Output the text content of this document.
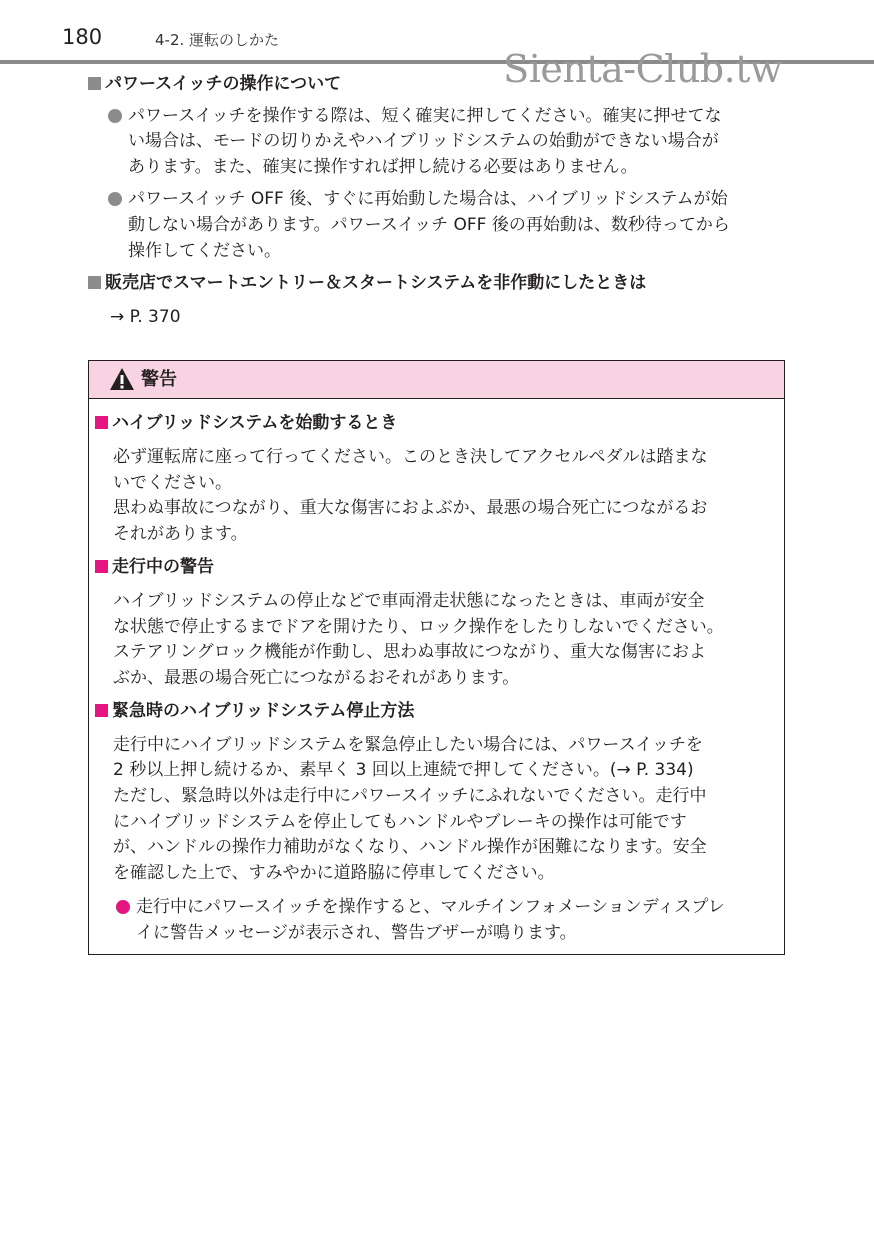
180	4-2. 運転のしかた
Sienta-Club.tw
パワースイッチの操作について
パワースイッチを操作する際は、短く確実に押してください。確実に押せてな
い場合は、モードの切りかえやハイブリッドシステムの始動ができない場合が
あります。また、確実に操作すれば押し続ける必要はありません。
パワースイッチ OFF 後、すぐに再始動した場合は、ハイブリッドシステムが始
動しない場合があります。パワースイッチ OFF 後の再始動は、数秒待ってから
操作してください。
販売店でスマートエントリー＆スタートシステムを非作動にしたときは
→ P. 370
警告
ハイブリッドシステムを始動するとき
必ず運転席に座って行ってください。このとき決してアクセルペダルは踏まな
いでください。
思わぬ事故につながり、重大な傷害におよぶか、最悪の場合死亡につながるお
それがあります。
走行中の警告
ハイブリッドシステムの停止などで車両滑走状態になったときは、車両が安全
な状態で停止するまでドアを開けたり、ロック操作をしたりしないでください。
ステアリングロック機能が作動し、思わぬ事故につながり、重大な傷害におよ
ぶか、最悪の場合死亡につながるおそれがあります。
緊急時のハイブリッドシステム停止方法
走行中にハイブリッドシステムを緊急停止したい場合には、パワースイッチを
2 秒以上押し続けるか、素早く 3 回以上連続で押してください。(→ P. 334)
ただし、緊急時以外は走行中にパワースイッチにふれないでください。走行中
にハイブリッドシステムを停止してもハンドルやブレーキの操作は可能です
が、ハンドルの操作力補助がなくなり、ハンドル操作が困難になります。安全
を確認した上で、すみやかに道路脇に停車してください。
走行中にパワースイッチを操作すると、マルチインフォメーションディスプレ
イに警告メッセージが表示され、警告ブザーが鳴ります。
